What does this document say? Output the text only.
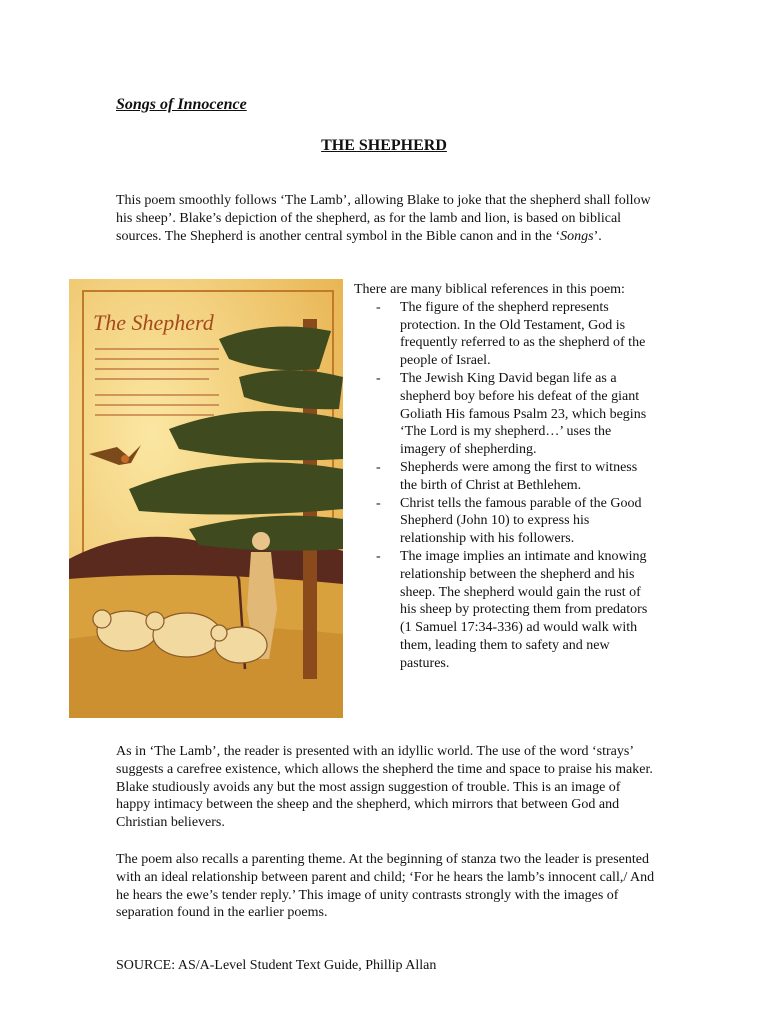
Songs of Innocence
THE SHEPHERD

This poem smoothly follows ‘The Lamb’, allowing Blake to joke that the shepherd shall follow his sheep’. Blake’s depiction of the shepherd, as for the lamb and lion, is based on biblical sources. The Shepherd is another central symbol in the Bible canon and in the ‘Songs’.

The Shepherd

There are many biblical references in this poem:

- The figure of the shepherd represents protection. In the Old Testament, God is frequently referred to as the shepherd of the people of Israel.
- The Jewish King David began life as a shepherd boy before his defeat of the giant Goliath His famous Psalm 23, which begins ‘The Lord is my shepherd…’ uses the imagery of shepherding.
- Shepherds were among the first to witness the birth of Christ at Bethlehem.
- Christ tells the famous parable of the Good Shepherd (John 10) to express his relationship with his followers.
- The image implies an intimate and knowing relationship between the shepherd and his sheep. The shepherd would gain the rust of his sheep by protecting them from predators (1 Samuel 17:34-336) ad would walk with them, leading them to safety and new pastures.

As in ‘The Lamb’, the reader is presented with an idyllic world. The use of the word ‘strays’ suggests a carefree existence, which allows the shepherd the time and space to praise his maker. Blake studiously avoids any but the most assign suggestion of trouble. This is an image of happy intimacy between the sheep and the shepherd, which mirrors that between God and Christian believers.

The poem also recalls a parenting theme. At the beginning of stanza two the leader is presented with an ideal relationship between parent and child; ‘For he hears the lamb’s innocent call,/ And he hears the ewe’s tender reply.’ This image of unity contrasts strongly with the images of separation found in the earlier poems.

SOURCE: AS/A-Level Student Text Guide, Phillip Allan
